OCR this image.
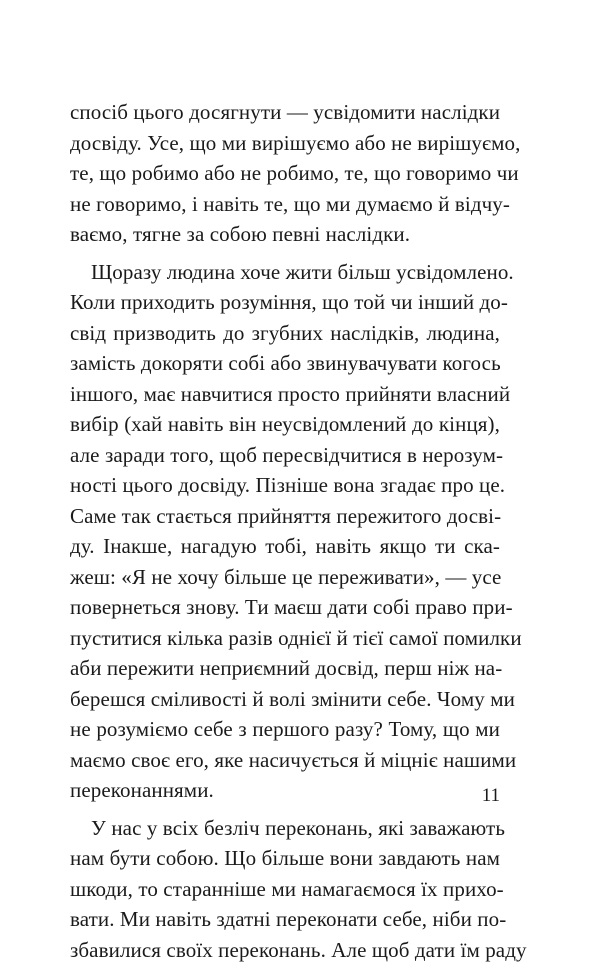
спосіб цього досягнути — усвідомити наслідки
досвіду. Усе, що ми вирішуємо або не вирішуємо,
те, що робимо або не робимо, те, що говоримо чи
не говоримо, і навіть те, що ми думаємо й відчу-
ваємо, тягне за собою певні наслідки.
Щоразу людина хоче жити більш усвідомлено.
Коли приходить розуміння, що той чи інший до-
свід призводить до згубних наслідків, людина,
замість докоряти собі або звинувачувати когось
іншого, має навчитися просто прийняти власний
вибір (хай навіть він неусвідомлений до кінця),
але заради того, щоб пересвідчитися в нерозум-
ності цього досвіду. Пізніше вона згадає про це.
Саме так стається прийняття пережитого досві-
ду. Інакше, нагадую тобі, навіть якщо ти ска-
жеш: «Я не хочу більше це переживати», — усе
повернеться знову. Ти маєш дати собі право при-
пуститися кілька разів однієї й тієї самої помилки
аби пережити неприємний досвід, перш ніж на-
берешся сміливості й волі змінити себе. Чому ми
не розуміємо себе з першого разу? Тому, що ми
маємо своє его, яке насичується й міцніє нашими
переконаннями.
У нас у всіх безліч переконань, які заважають
нам бути собою. Що більше вони завдають нам
шкоди, то старанніше ми намагаємося їх прихо-
вати. Ми навіть здатні переконати себе, ніби по-
збавилися своїх переконань. Але щоб дати їм раду
11
